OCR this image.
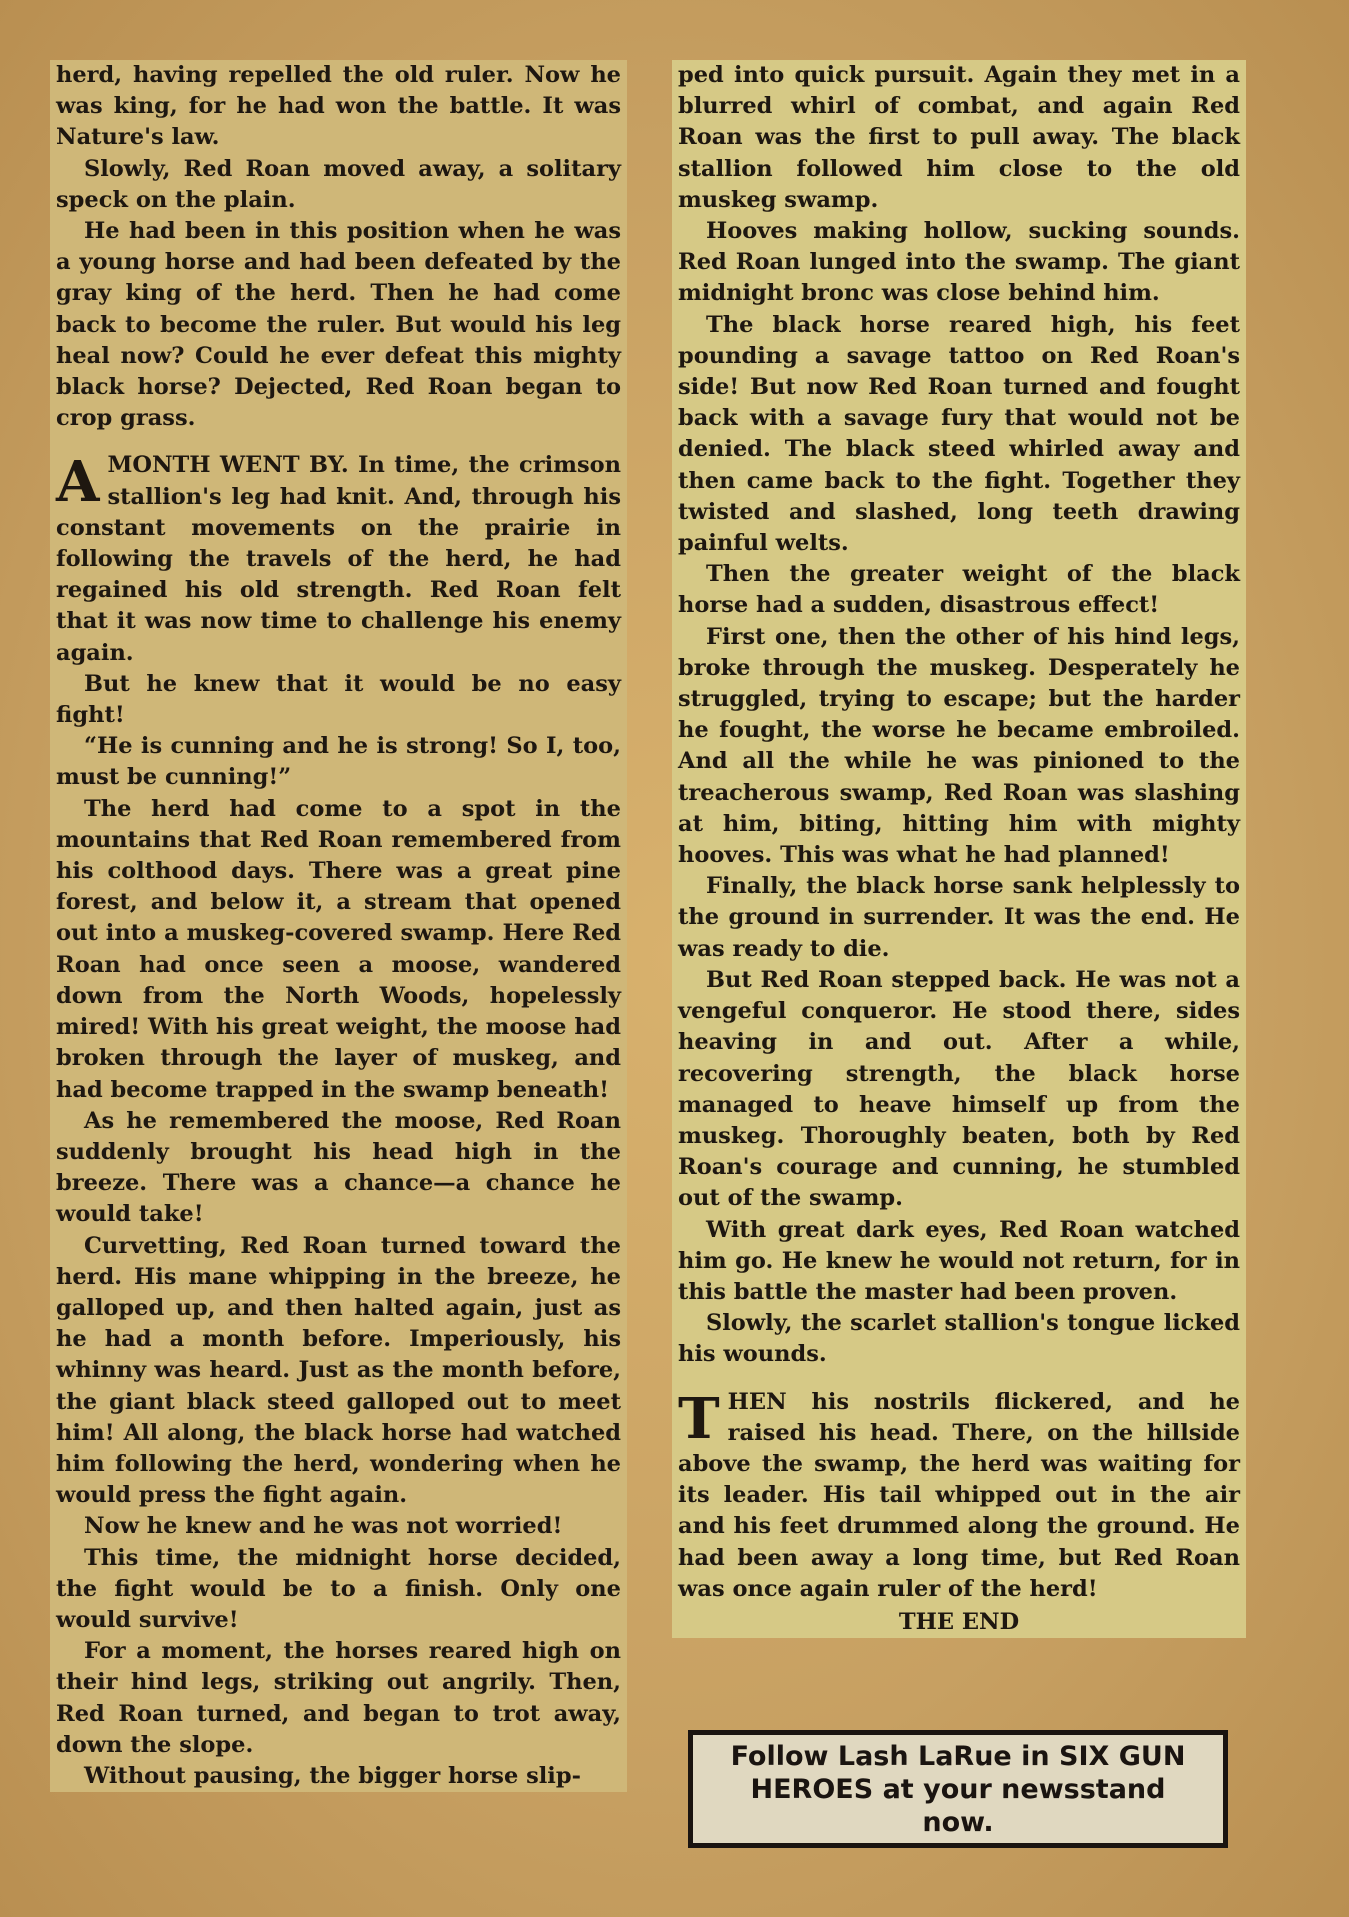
herd, having repelled the old ruler. Now he was king, for he had won the battle. It was Nature's law.

Slowly, Red Roan moved away, a solitary speck on the plain.

He had been in this position when he was a young horse and had been defeated by the gray king of the herd. Then he had come back to become the ruler. But would his leg heal now? Could he ever defeat this mighty black horse? Dejected, Red Roan began to crop grass.

AMONTH WENT BY. In time, the crimson stallion's leg had knit. And, through his constant movements on the prairie in following the travels of the herd, he had regained his old strength. Red Roan felt that it was now time to challenge his enemy again.

But he knew that it would be no easy fight!

“He is cunning and he is strong! So I, too, must be cunning!”

The herd had come to a spot in the mountains that Red Roan remembered from his colthood days. There was a great pine forest, and below it, a stream that opened out into a muskeg-covered swamp. Here Red Roan had once seen a moose, wandered down from the North Woods, hopelessly mired! With his great weight, the moose had broken through the layer of muskeg, and had become trapped in the swamp beneath!

As he remembered the moose, Red Roan suddenly brought his head high in the breeze. There was a chance—a chance he would take!

Curvetting, Red Roan turned toward the herd. His mane whipping in the breeze, he galloped up, and then halted again, just as he had a month before. Imperiously, his whinny was heard. Just as the month before, the giant black steed galloped out to meet him! All along, the black horse had watched him following the herd, wondering when he would press the fight again.

Now he knew and he was not worried!

This time, the midnight horse decided, the fight would be to a finish. Only one would survive!

For a moment, the horses reared high on their hind legs, striking out angrily. Then, Red Roan turned, and began to trot away, down the slope.

Without pausing, the bigger horse slip-

ped into quick pursuit. Again they met in a blurred whirl of combat, and again Red Roan was the first to pull away. The black stallion followed him close to the old muskeg swamp.

Hooves making hollow, sucking sounds. Red Roan lunged into the swamp. The giant midnight bronc was close behind him.

The black horse reared high, his feet pounding a savage tattoo on Red Roan's side! But now Red Roan turned and fought back with a savage fury that would not be denied. The black steed whirled away and then came back to the fight. Together they twisted and slashed, long teeth drawing painful welts.

Then the greater weight of the black horse had a sudden, disastrous effect!

First one, then the other of his hind legs, broke through the muskeg. Desperately he struggled, trying to escape; but the harder he fought, the worse he became embroiled. And all the while he was pinioned to the treacherous swamp, Red Roan was slashing at him, biting, hitting him with mighty hooves. This was what he had planned!

Finally, the black horse sank helplessly to the ground in surrender. It was the end. He was ready to die.

But Red Roan stepped back. He was not a vengeful conqueror. He stood there, sides heaving in and out. After a while, recovering strength, the black horse managed to heave himself up from the muskeg. Thoroughly beaten, both by Red Roan's courage and cunning, he stumbled out of the swamp.

With great dark eyes, Red Roan watched him go. He knew he would not return, for in this battle the master had been proven.

Slowly, the scarlet stallion's tongue licked his wounds.

THEN his nostrils flickered, and he raised his head. There, on the hillside above the swamp, the herd was waiting for its leader. His tail whipped out in the air and his feet drummed along the ground. He had been away a long time, but Red Roan was once again ruler of the herd!

THE END

Follow Lash LaRue in SIX GUN HEROES at your newsstand now.
